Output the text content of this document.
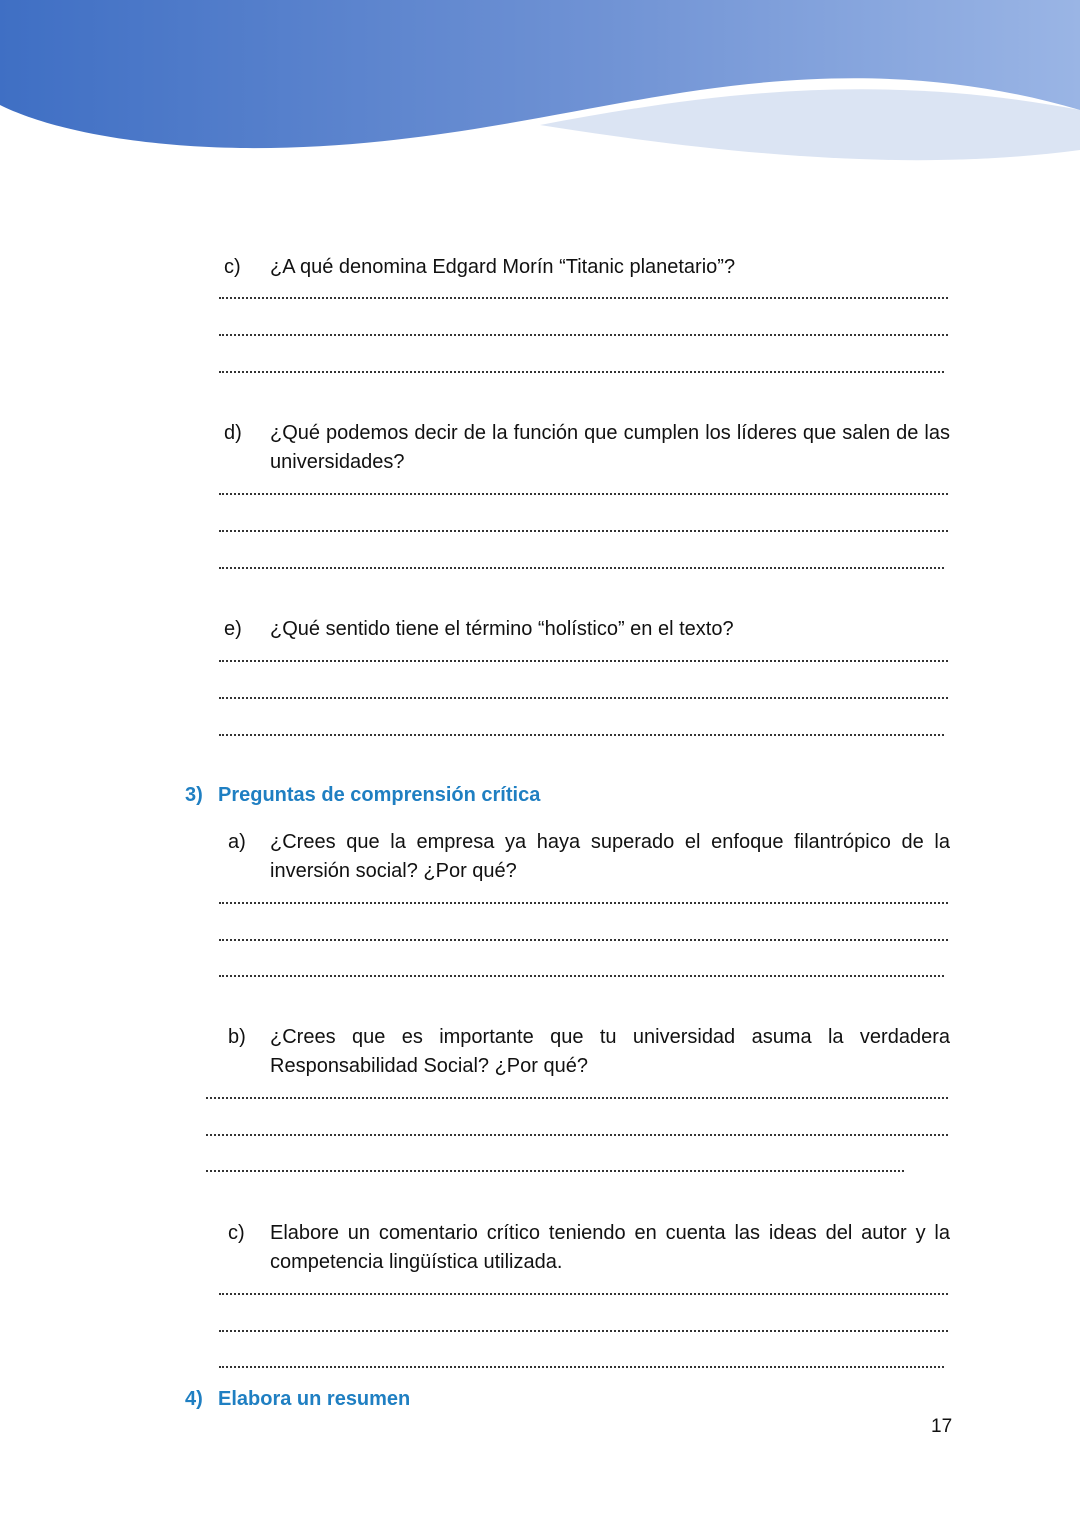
c) ¿A qué denomina Edgard Morín “Titanic planetario”?
d) ¿Qué podemos decir de la función que cumplen los líderes que salen de las universidades?
e) ¿Qué sentido tiene el término “holístico” en el texto?
3) Preguntas de comprensión crítica
a) ¿Crees que la empresa ya haya superado el enfoque filantrópico de la inversión social? ¿Por qué?
b) ¿Crees que es importante que tu universidad asuma la verdadera Responsabilidad Social? ¿Por qué?
c) Elabore un comentario crítico teniendo en cuenta las ideas del autor y la competencia lingüística utilizada.
4) Elabora un resumen
17
